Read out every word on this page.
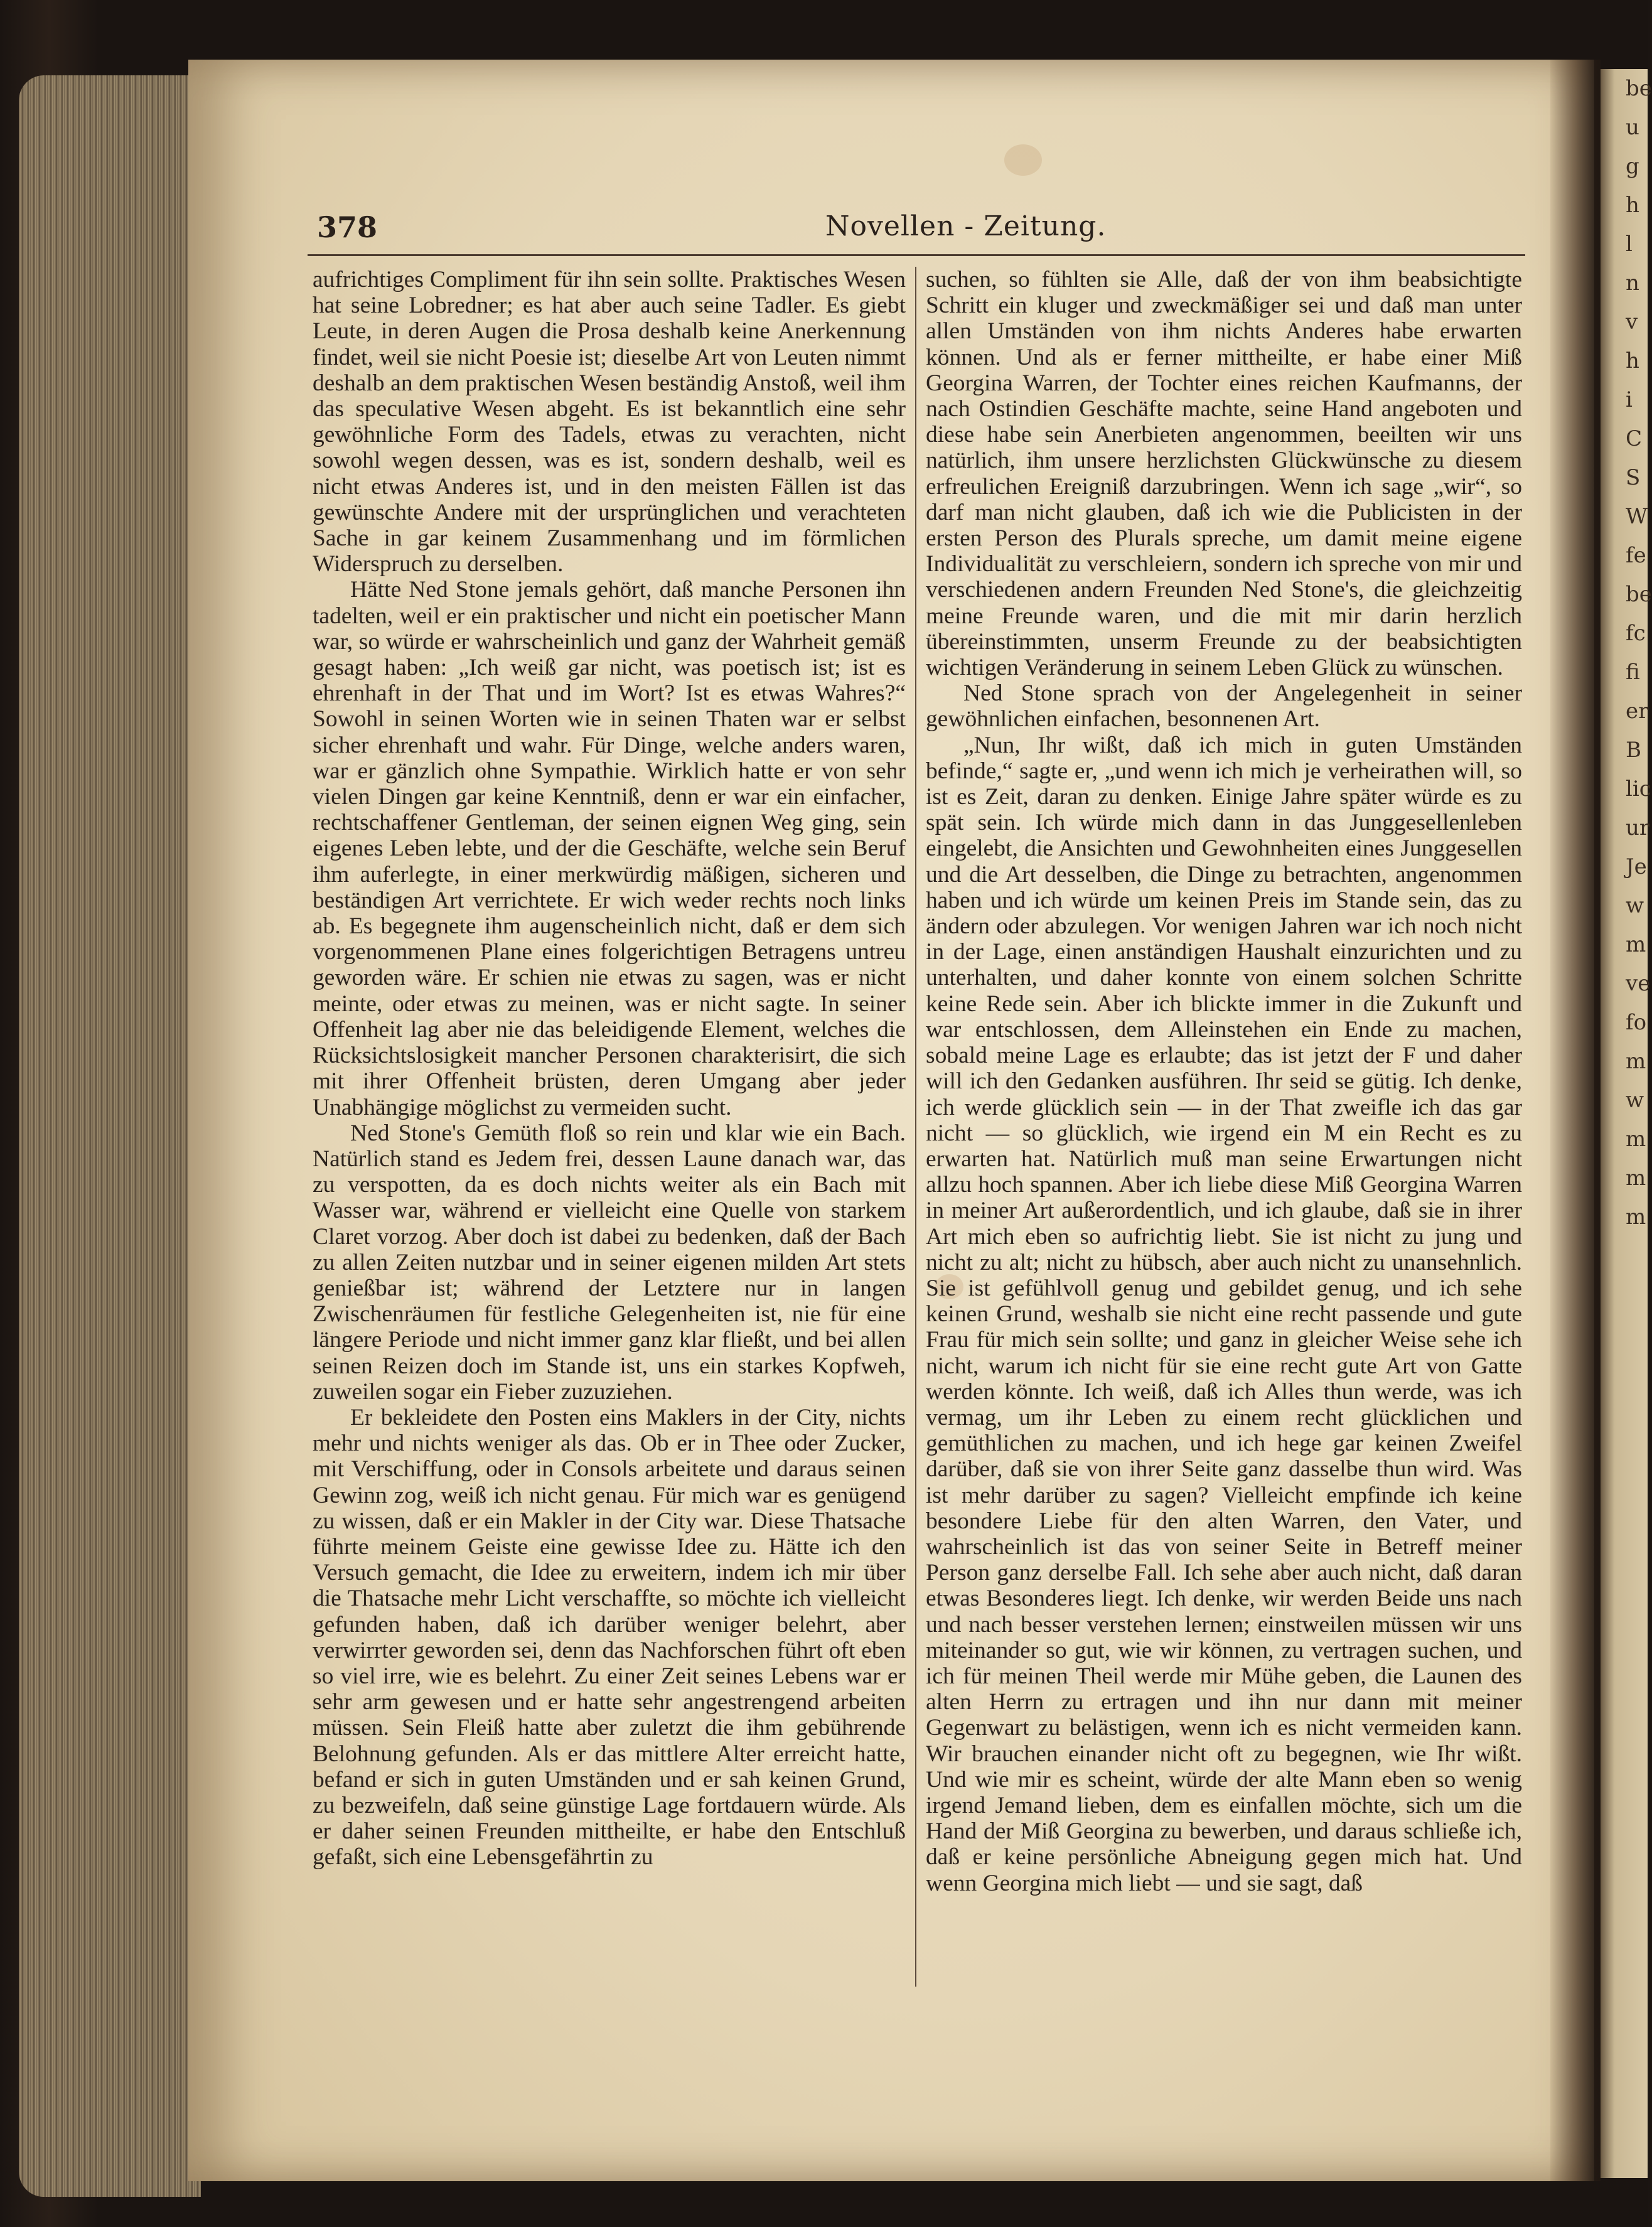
be
u
g
h
l
n
v
h
i
C
S
W
fe
be
fc
fi
er
B
lic
ur
Je
w
m
ve
fo
m
w
m
m
m
378	Novellen - Zeitung.

aufrichtiges Compliment für ihn sein sollte. Praktisches Wesen hat seine Lobredner; es hat aber auch seine Tadler. Es giebt Leute, in deren Augen die Prosa deshalb keine Anerkennung findet, weil sie nicht Poesie ist; dieselbe Art von Leuten nimmt deshalb an dem praktischen Wesen beständig Anstoß, weil ihm das speculative Wesen abgeht. Es ist bekanntlich eine sehr gewöhnliche Form des Tadels, etwas zu verachten, nicht sowohl wegen dessen, was es ist, sondern deshalb, weil es nicht etwas Anderes ist, und in den meisten Fällen ist das gewünschte Andere mit der ursprünglichen und verachteten Sache in gar keinem Zusammenhang und im förmlichen Widerspruch zu derselben.

Hätte Ned Stone jemals gehört, daß manche Personen ihn tadelten, weil er ein praktischer und nicht ein poetischer Mann war, so würde er wahrscheinlich und ganz der Wahrheit gemäß gesagt haben: „Ich weiß gar nicht, was poetisch ist; ist es ehrenhaft in der That und im Wort? Ist es etwas Wahres?“ Sowohl in seinen Worten wie in seinen Thaten war er selbst sicher ehrenhaft und wahr. Für Dinge, welche anders waren, war er gänzlich ohne Sympathie. Wirklich hatte er von sehr vielen Dingen gar keine Kenntniß, denn er war ein einfacher, rechtschaffener Gentleman, der seinen eignen Weg ging, sein eigenes Leben lebte, und der die Geschäfte, welche sein Beruf ihm auferlegte, in einer merkwürdig mäßigen, sicheren und beständigen Art verrichtete. Er wich weder rechts noch links ab. Es begegnete ihm augenscheinlich nicht, daß er dem sich vorgenommenen Plane eines folgerichtigen Betragens untreu geworden wäre. Er schien nie etwas zu sagen, was er nicht meinte, oder etwas zu meinen, was er nicht sagte. In seiner Offenheit lag aber nie das beleidigende Element, welches die Rücksichtslosigkeit mancher Personen charakterisirt, die sich mit ihrer Offenheit brüsten, deren Umgang aber jeder Unabhängige möglichst zu vermeiden sucht.

Ned Stone's Gemüth floß so rein und klar wie ein Bach. Natürlich stand es Jedem frei, dessen Laune danach war, das zu verspotten, da es doch nichts weiter als ein Bach mit Wasser war, während er vielleicht eine Quelle von starkem Claret vorzog. Aber doch ist dabei zu bedenken, daß der Bach zu allen Zeiten nutzbar und in seiner eigenen milden Art stets genießbar ist; während der Letztere nur in langen Zwischenräumen für festliche Gelegenheiten ist, nie für eine längere Periode und nicht immer ganz klar fließt, und bei allen seinen Reizen doch im Stande ist, uns ein starkes Kopfweh, zuweilen sogar ein Fieber zuzuziehen.

Er bekleidete den Posten eins Maklers in der City, nichts mehr und nichts weniger als das. Ob er in Thee oder Zucker, mit Verschiffung, oder in Consols arbeitete und daraus seinen Gewinn zog, weiß ich nicht genau. Für mich war es genügend zu wissen, daß er ein Makler in der City war. Diese Thatsache führte meinem Geiste eine gewisse Idee zu. Hätte ich den Versuch gemacht, die Idee zu erweitern, indem ich mir über die Thatsache mehr Licht verschaffte, so möchte ich vielleicht gefunden haben, daß ich darüber weniger belehrt, aber verwirrter geworden sei, denn das Nachforschen führt oft eben so viel irre, wie es belehrt. Zu einer Zeit seines Lebens war er sehr arm gewesen und er hatte sehr angestrengend arbeiten müssen. Sein Fleiß hatte aber zuletzt die ihm gebührende Belohnung gefunden. Als er das mittlere Alter erreicht hatte, befand er sich in guten Umständen und er sah keinen Grund, zu bezweifeln, daß seine günstige Lage fortdauern würde. Als er daher seinen Freunden mittheilte, er habe den Entschluß gefaßt, sich eine Lebensgefährtin zu

suchen, so fühlten sie Alle, daß der von ihm beabsichtigte Schritt ein kluger und zweckmäßiger sei und daß man unter allen Umständen von ihm nichts Anderes habe erwarten können. Und als er ferner mittheilte, er habe einer Miß Georgina Warren, der Tochter eines reichen Kaufmanns, der nach Ostindien Geschäfte machte, seine Hand angeboten und diese habe sein Anerbieten angenommen, beeilten wir uns natürlich, ihm unsere herzlichsten Glückwünsche zu diesem erfreulichen Ereigniß darzubringen. Wenn ich sage „wir“, so darf man nicht glauben, daß ich wie die Publicisten in der ersten Person des Plurals spreche, um damit meine eigene Individualität zu verschleiern, sondern ich spreche von mir und verschiedenen andern Freunden Ned Stone's, die gleichzeitig meine Freunde waren, und die mit mir darin herzlich übereinstimmten, unserm Freunde zu der beabsichtigten wichtigen Veränderung in seinem Leben Glück zu wünschen.

Ned Stone sprach von der Angelegenheit in seiner gewöhnlichen einfachen, besonnenen Art.

„Nun, Ihr wißt, daß ich mich in guten Umständen befinde,“ sagte er, „und wenn ich mich je verheirathen will, so ist es Zeit, daran zu denken. Einige Jahre später würde es zu spät sein. Ich würde mich dann in das Junggesellenleben eingelebt, die Ansichten und Gewohnheiten eines Junggesellen und die Art desselben, die Dinge zu betrachten, angenommen haben und ich würde um keinen Preis im Stande sein, das zu ändern oder abzulegen. Vor wenigen Jahren war ich noch nicht in der Lage, einen anständigen Haushalt einzurichten und zu unterhalten, und daher konnte von einem solchen Schritte keine Rede sein. Aber ich blickte immer in die Zukunft und war entschlossen, dem Alleinstehen ein Ende zu machen, sobald meine Lage es erlaubte; das ist jetzt der F und daher will ich den Gedanken ausführen. Ihr seid se gütig. Ich denke, ich werde glücklich sein — in der That zweifle ich das gar nicht — so glücklich, wie irgend ein M ein Recht es zu erwarten hat. Natürlich muß man seine Erwartungen nicht allzu hoch spannen. Aber ich liebe diese Miß Georgina Warren in meiner Art außerordentlich, und ich glaube, daß sie in ihrer Art mich eben so aufrichtig liebt. Sie ist nicht zu jung und nicht zu alt; nicht zu hübsch, aber auch nicht zu unansehnlich. Sie ist gefühlvoll genug und gebildet genug, und ich sehe keinen Grund, weshalb sie nicht eine recht passende und gute Frau für mich sein sollte; und ganz in gleicher Weise sehe ich nicht, warum ich nicht für sie eine recht gute Art von Gatte werden könnte. Ich weiß, daß ich Alles thun werde, was ich vermag, um ihr Leben zu einem recht glücklichen und gemüthlichen zu machen, und ich hege gar keinen Zweifel darüber, daß sie von ihrer Seite ganz dasselbe thun wird. Was ist mehr darüber zu sagen? Vielleicht empfinde ich keine besondere Liebe für den alten Warren, den Vater, und wahrscheinlich ist das von seiner Seite in Betreff meiner Person ganz derselbe Fall. Ich sehe aber auch nicht, daß daran etwas Besonderes liegt. Ich denke, wir werden Beide uns nach und nach besser verstehen lernen; einstweilen müssen wir uns miteinander so gut, wie wir können, zu vertragen suchen, und ich für meinen Theil werde mir Mühe geben, die Launen des alten Herrn zu ertragen und ihn nur dann mit meiner Gegenwart zu belästigen, wenn ich es nicht vermeiden kann. Wir brauchen einander nicht oft zu begegnen, wie Ihr wißt. Und wie mir es scheint, würde der alte Mann eben so wenig irgend Jemand lieben, dem es einfallen möchte, sich um die Hand der Miß Georgina zu bewerben, und daraus schließe ich, daß er keine persönliche Abneigung gegen mich hat. Und wenn Georgina mich liebt — und sie sagt, daß
